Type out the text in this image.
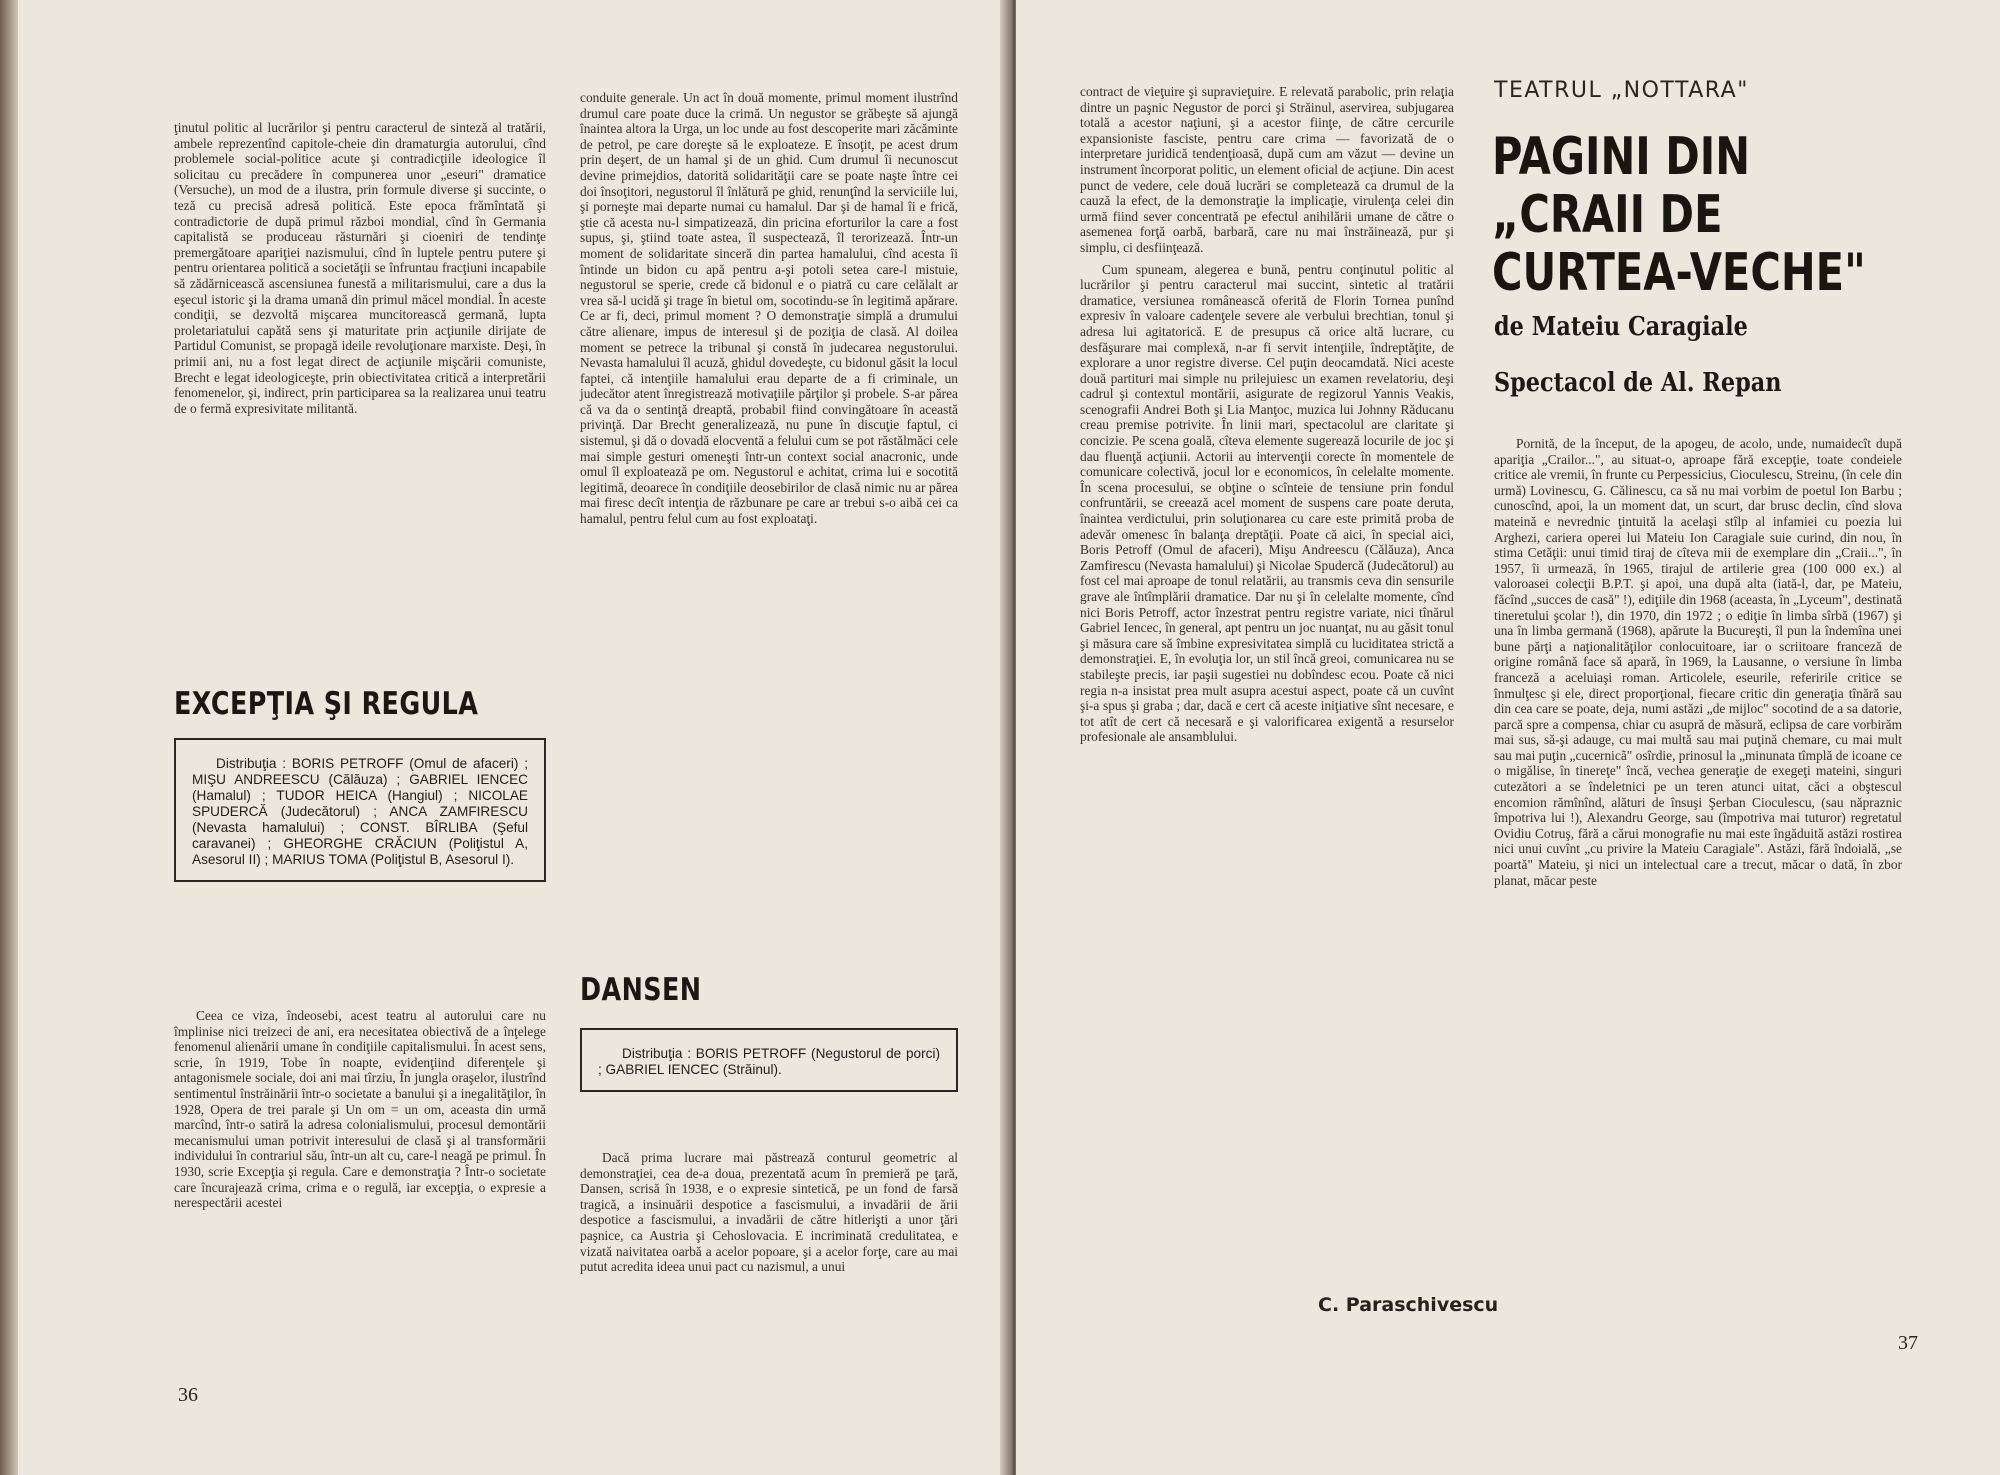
ţinutul politic al lucrărilor şi pentru caracterul de sinteză al tratării, ambele reprezentînd capitole-cheie din dramaturgia autorului, cînd problemele social-politice acute şi contradicţiile ideologice îl solicitau cu precădere în compunerea unor „eseuri" dramatice (Versuche), un mod de a ilustra, prin formule diverse şi succinte, o teză cu precisă adresă politică. Este epoca frămîntată şi contradictorie de după primul război mondial, cînd în Germania capitalistă se produceau răsturnări şi cioeniri de tendinţe premergătoare apariţiei nazismului, cînd în luptele pentru putere şi pentru orientarea politică a societăţii se înfruntau fracţiuni incapabile să zădărnicească ascensiunea funestă a militarismului, care a dus la eşecul istoric şi la drama umană din primul măcel mondial. În aceste condiţii, se dezvoltă mişcarea muncitorească germană, lupta proletariatului capătă sens şi maturitate prin acţiunile dirijate de Partidul Comunist, se propagă ideile revoluţionare marxiste. Deşi, în primii ani, nu a fost legat direct de acţiunile mişcării comuniste, Brecht e legat ideologiceşte, prin obiectivitatea critică a interpretării fenomenelor, şi, indirect, prin participarea sa la realizarea unui teatru de o fermă expresivitate militantă.

EXCEPŢIA ŞI REGULA

Distribuţia : BORIS PETROFF (Omul de afaceri) ; MIŞU ANDREESCU (Călăuza) ; GABRIEL IENCEC (Hamalul) ; TUDOR HEICA (Hangiul) ; NICOLAE SPUDERCĂ (Judecătorul) ; ANCA ZAMFIRESCU (Nevasta hamalului) ; CONST. BÎRLIBA (Şeful caravanei) ; GHEORGHE CRĂCIUN (Poliţistul A, Asesorul II) ; MARIUS TOMA (Poliţistul B, Asesorul I).

Ceea ce viza, îndeosebi, acest teatru al autorului care nu împlinise nici treizeci de ani, era necesitatea obiectivă de a înţelege fenomenul alienării umane în condiţiile capitalismului. În acest sens, scrie, în 1919, Tobe în noapte, evidenţiind diferenţele şi antagonismele sociale, doi ani mai tîrziu, În jungla oraşelor, ilustrînd sentimentul înstrăinării într-o societate a banului şi a inegalităţilor, în 1928, Opera de trei parale şi Un om = un om, aceasta din urmă marcînd, într-o satiră la adresa colonialismului, procesul demontării mecanismului uman potrivit interesului de clasă şi al transformării individului în contrariul său, într-un alt cu, care-l neagă pe primul. În 1930, scrie Excepţia şi regula. Care e demonstraţia ? Într-o societate care încurajează crima, crima e o regulă, iar excepţia, o expresie a nerespectării acestei

conduite generale. Un act în două momente, primul moment ilustrînd drumul care poate duce la crimă. Un negustor se grăbeşte să ajungă înaintea altora la Urga, un loc unde au fost descoperite mari zăcăminte de petrol, pe care doreşte să le exploateze. E însoţit, pe acest drum prin deşert, de un hamal şi de un ghid. Cum drumul îi necunoscut devine primejdios, datorită solidarităţii care se poate naşte între cei doi însoţitori, negustorul îl înlătură pe ghid, renunţînd la serviciile lui, şi porneşte mai departe numai cu hamalul. Dar şi de hamal îi e frică, ştie că acesta nu-l simpatizează, din pricina eforturilor la care a fost supus, şi, ştiind toate astea, îl suspectează, îl terorizează. Într-un moment de solidaritate sinceră din partea hamalului, cînd acesta îi întinde un bidon cu apă pentru a-şi potoli setea care-l mistuie, negustorul se sperie, crede că bidonul e o piatră cu care celălalt ar vrea să-l ucidă şi trage în bietul om, socotindu-se în legitimă apărare. Ce ar fi, deci, primul moment ? O demonstraţie simplă a drumului către alienare, impus de interesul şi de poziţia de clasă. Al doilea moment se petrece la tribunal şi constă în judecarea negustorului. Nevasta hamalului îl acuză, ghidul dovedeşte, cu bidonul găsit la locul faptei, că intenţiile hamalului erau departe de a fi criminale, un judecător atent înregistrează motivaţiile părţilor şi probele. S-ar părea că va da o sentinţă dreaptă, probabil fiind convingătoare în această privinţă. Dar Brecht generalizează, nu pune în discuţie faptul, ci sistemul, şi dă o dovadă elocventă a felului cum se pot răstălmăci cele mai simple gesturi omeneşti într-un context social anacronic, unde omul îl exploatează pe om. Negustorul e achitat, crima lui e socotită legitimă, deoarece în condiţiile deosebirilor de clasă nimic nu ar părea mai firesc decît intenţia de răzbunare pe care ar trebui s-o aibă cei ca hamalul, pentru felul cum au fost exploataţi.

DANSEN

Distribuţia : BORIS PETROFF (Negustorul de porci) ; GABRIEL IENCEC (Străinul).

Dacă prima lucrare mai păstrează conturul geometric al demonstraţiei, cea de-a doua, prezentată acum în premieră pe ţară, Dansen, scrisă în 1938, e o expresie sintetică, pe un fond de farsă tragică, a insinuării despotice a fascismului, a invadării de ării despotice a fascismului, a invadării de către hitlerişti a unor ţări paşnice, ca Austria şi Cehoslovacia. E incriminată credulitatea, e vizată naivitatea oarbă a acelor popoare, şi a acelor forţe, care au mai putut acredita ideea unui pact cu nazismul, a unui

36

contract de vieţuire şi supravieţuire. E relevată parabolic, prin relaţia dintre un paşnic Negustor de porci şi Străinul, aservirea, subjugarea totală a acestor naţiuni, şi a acestor fiinţe, de către cercurile expansioniste fasciste, pentru care crima — favorizată de o interpretare juridică tendenţioasă, după cum am văzut — devine un instrument încorporat politic, un element oficial de acţiune. Din acest punct de vedere, cele două lucrări se completează ca drumul de la cauză la efect, de la demonstraţie la implicaţie, virulenţa celei din urmă fiind sever concentrată pe efectul anihilării umane de către o asemenea forţă oarbă, barbară, care nu mai înstrăinează, pur şi simplu, ci desfiinţează.

Cum spuneam, alegerea e bună, pentru conţinutul politic al lucrărilor şi pentru caracterul mai succint, sintetic al tratării dramatice, versiunea românească oferită de Florin Tornea punînd expresiv în valoare cadenţele severe ale verbului brechtian, tonul şi adresa lui agitatorică. E de presupus că orice altă lucrare, cu desfăşurare mai complexă, n-ar fi servit intenţiile, îndreptăţite, de explorare a unor registre diverse. Cel puţin deocamdată. Nici aceste două partituri mai simple nu prilejuiesc un examen revelatoriu, deşi cadrul şi contextul montării, asigurate de regizorul Yannis Veakis, scenografii Andrei Both şi Lia Manţoc, muzica lui Johnny Răducanu creau premise potrivite. În linii mari, spectacolul are claritate şi concizie. Pe scena goală, cîteva elemente sugerează locurile de joc şi dau fluenţă acţiunii. Actorii au intervenţii corecte în momentele de comunicare colectivă, jocul lor e economicos, în celelalte momente. În scena procesului, se obţine o scînteie de tensiune prin fondul confruntării, se creează acel moment de suspens care poate deruta, înaintea verdictului, prin soluţionarea cu care este primită proba de adevăr omenesc în balanţa dreptăţii. Poate că aici, în special aici, Boris Petroff (Omul de afaceri), Mişu Andreescu (Călăuza), Anca Zamfirescu (Nevasta hamalului) şi Nicolae Spudercă (Judecătorul) au fost cel mai aproape de tonul relatării, au transmis ceva din sensurile grave ale întîmplării dramatice. Dar nu şi în celelalte momente, cînd nici Boris Petroff, actor înzestrat pentru registre variate, nici tînărul Gabriel Iencec, în general, apt pentru un joc nuanţat, nu au găsit tonul şi măsura care să îmbine expresivitatea simplă cu luciditatea strictă a demonstraţiei. E, în evoluţia lor, un stil încă greoi, comunicarea nu se stabileşte precis, iar paşii sugestiei nu dobîndesc ecou. Poate că nici regia n-a insistat prea mult asupra acestui aspect, poate că un cuvînt şi-a spus şi graba ; dar, dacă e cert că aceste iniţiative sînt necesare, e tot atît de cert că necesară e şi valorificarea exigentă a resurselor profesionale ale ansamblului.

C. Paraschivescu
TEATRUL „NOTTARA"
PAGINI DIN
„CRAII DE
CURTEA-VECHE"
de Mateiu Caragiale
Spectacol de Al. Repan

Pornită, de la început, de la apogeu, de acolo, unde, numaidecît după apariţia „Crailor...", au situat-o, aproape fără excepţie, toate condeiele critice ale vremii, în frunte cu Perpessicius, Cioculescu, Streinu, (în cele din urmă) Lovinescu, G. Călinescu, ca să nu mai vorbim de poetul Ion Barbu ; cunoscînd, apoi, la un moment dat, un scurt, dar brusc declin, cînd slova mateină e nevrednic ţintuită la acelaşi stîlp al infamiei cu poezia lui Arghezi, cariera operei lui Mateiu Ion Caragiale suie curind, din nou, în stima Cetăţii: unui timid tiraj de cîteva mii de exemplare din „Craii...", în 1957, îi urmează, în 1965, tirajul de artilerie grea (100 000 ex.) al valoroasei colecţii B.P.T. şi apoi, una după alta (iată-l, dar, pe Mateiu, făcînd „succes de casă" !), ediţiile din 1968 (aceasta, în „Lyceum", destinată tineretului şcolar !), din 1970, din 1972 ; o ediţie în limba sîrbă (1967) şi una în limba germană (1968), apărute la Bucureşti, îl pun la îndemîna unei bune părţi a naţionalităţilor conlocuitoare, iar o scriitoare franceză de origine română face să apară, în 1969, la Lausanne, o versiune în limba franceză a aceluiaşi roman. Articolele, eseurile, referirile critice se înmulţesc şi ele, direct proporţional, fiecare critic din generaţia tînără sau din cea care se poate, deja, numi astăzi „de mijloc" socotind de a sa datorie, parcă spre a compensa, chiar cu asupră de măsură, eclipsa de care vorbirăm mai sus, să-şi adauge, cu mai multă sau mai puţină chemare, cu mai mult sau mai puţin „cucernicã" osîrdie, prinosul la „minunata tîmplă de icoane ce o migălise, în tinereţe" încă, vechea generaţie de exegeţi mateini, singuri cutezători a se îndeletnici pe un teren atunci uitat, căci a obştescul encomion rămînînd, alături de însuşi Şerban Cioculescu, (sau năpraznic împotriva lui !), Alexandru George, sau (împotriva mai tuturor) regretatul Ovidiu Cotruş, fără a cărui monografie nu mai este îngăduită astăzi rostirea nici unui cuvînt „cu privire la Mateiu Caragiale". Astăzi, fără îndoială, „se poartă" Mateiu, şi nici un intelectual care a trecut, măcar o dată, în zbor planat, măcar peste

37
